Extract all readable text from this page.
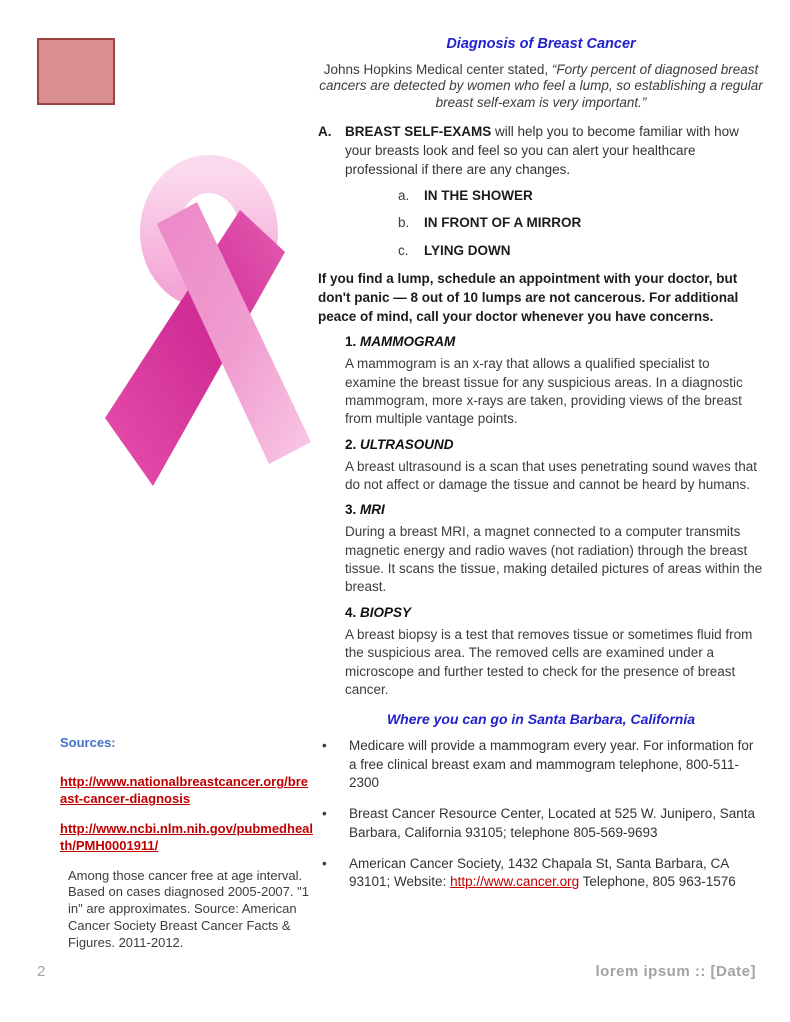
Diagnosis of Breast Cancer

Johns Hopkins Medical center stated, “Forty percent of diagnosed breast cancers are detected by women who feel a lump, so establishing a regular breast self-exam is very important.”

A.	BREAST SELF-EXAMS will help you to become familiar with how your breasts look and feel so you can alert your healthcare professional if there are any changes.
a.	IN THE SHOWER
b.	IN FRONT OF A MIRROR
c.	LYING DOWN

If you find a lump, schedule an appointment with your doctor, but don't panic — 8 out of 10 lumps are not cancerous. For additional peace of mind, call your doctor whenever you have concerns.

1. MAMMOGRAM

A mammogram is an x-ray that allows a qualified specialist to examine the breast tissue for any suspicious areas. In a diagnostic mammogram, more x-rays are taken, providing views of the breast from multiple vantage points.

2. ULTRASOUND

A breast ultrasound is a scan that uses penetrating sound waves that do not affect or damage the tissue and cannot be heard by humans.

3. MRI

During a breast MRI, a magnet connected to a computer transmits magnetic energy and radio waves (not radiation) through the breast tissue. It scans the tissue, making detailed pictures of areas within the breast.

4. BIOPSY

A breast biopsy is a test that removes tissue or sometimes fluid from the suspicious area. The removed cells are examined under a microscope and further tested to check for the presence of breast cancer.

Where you can go in Santa Barbara, California
•	Medicare will provide a mammogram every year. For information for a free clinical breast exam and mammogram telephone, 800-511-2300
•	Breast Cancer Resource Center, Located at 525 W. Junipero, Santa Barbara, California 93105; telephone 805-569-9693
•	American Cancer Society, 1432 Chapala St, Santa Barbara, CA 93101; Website: http://www.cancer.org Telephone, 805 963-1576
Sources:
http://www.nationalbreastcancer.org/breast-cancer-diagnosis
http://www.ncbi.nlm.nih.gov/pubmedhealth/PMH0001911/

Among those cancer free at age interval. Based on cases diagnosed 2005-2007. "1 in" are approximates. Source: American Cancer Society Breast Cancer Facts & Figures. 2011-2012.

2	lorem ipsum :: [Date]
